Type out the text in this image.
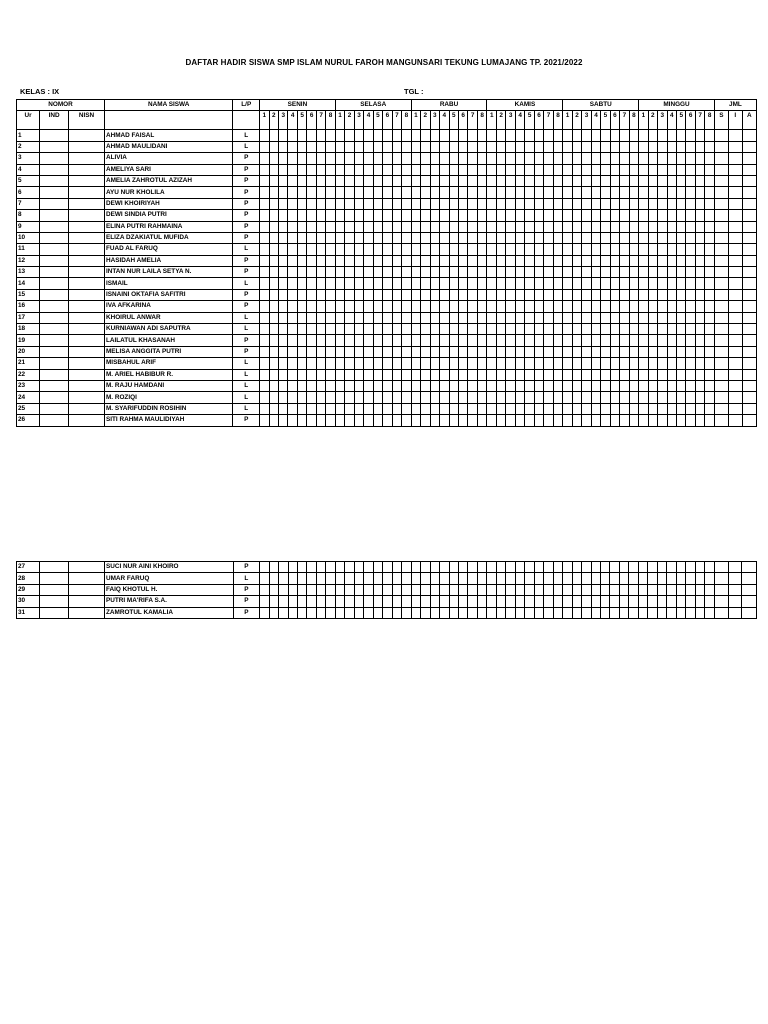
DAFTAR HADIR SISWA SMP ISLAM NURUL FAROH MANGUNSARI TEKUNG LUMAJANG TP. 2021/2022
KELAS : IX	TGL :
NOMOR			NAMA SISWA	L/P	SENIN								SELASA								RABU								KAMIS								SABTU								MINGGU								JML		
Ur	IND	NISN			1	2	3	4	5	6	7	8	1	2	3	4	5	6	7	8	1	2	3	4	5	6	7	8	1	2	3	4	5	6	7	8	1	2	3	4	5	6	7	8	1	2	3	4	5	6	7	8	S	I	A
1			AHMAD FAISAL	L																																																			
2			AHMAD MAULIDANI	L																																																			
3			ALIVIA	P																																																			
4			AMELIYA SARI	P																																																			
5			AMELIA ZAHROTUL AZIZAH	P																																																			
6			AYU NUR KHOLILA	P																																																			
7			DEWI KHOIRIYAH	P																																																			
8			DEWI SINDIA PUTRI	P																																																			
9			ELINA PUTRI RAHMAINA	P																																																			
10			ELIZA DZAKIATUL MUFIDA	P																																																			
11			FUAD AL FARUQ	L																																																			
12			HASIDAH AMELIA	P																																																			
13			INTAN NUR LAILA SETYA N.	P																																																			
14			ISMAIL	L																																																			
15			ISNAINI OKTAFIA SAFITRI	P																																																			
16			IVA AFKARINA	P																																																			
17			KHOIRUL ANWAR	L																																																			
18			KURNIAWAN ADI SAPUTRA	L																																																			
19			LAILATUL KHASANAH	P																																																			
20			MELISA ANGGITA PUTRI	P																																																			
21			MISBAHUL ARIF	L																																																			
22			M. ARIEL HABIBUR R.	L																																																			
23			M. RAJU HAMDANI	L																																																			
24			M. ROZIQI	L																																																			
25			M. SYARIFUDDIN ROSIHIN	L																																																			
26			SITI RAHMA MAULIDIYAH	P																																																			
27			SUCI NUR AINI KHOIRO	P																																																			
28			UMAR FARUQ	L																																																			
29			FAIQ KHOTUL H.	P																																																			
30			PUTRI MA'RIFA S.A.	P																																																			
31			ZAMROTUL KAMALIA	P																																																			
